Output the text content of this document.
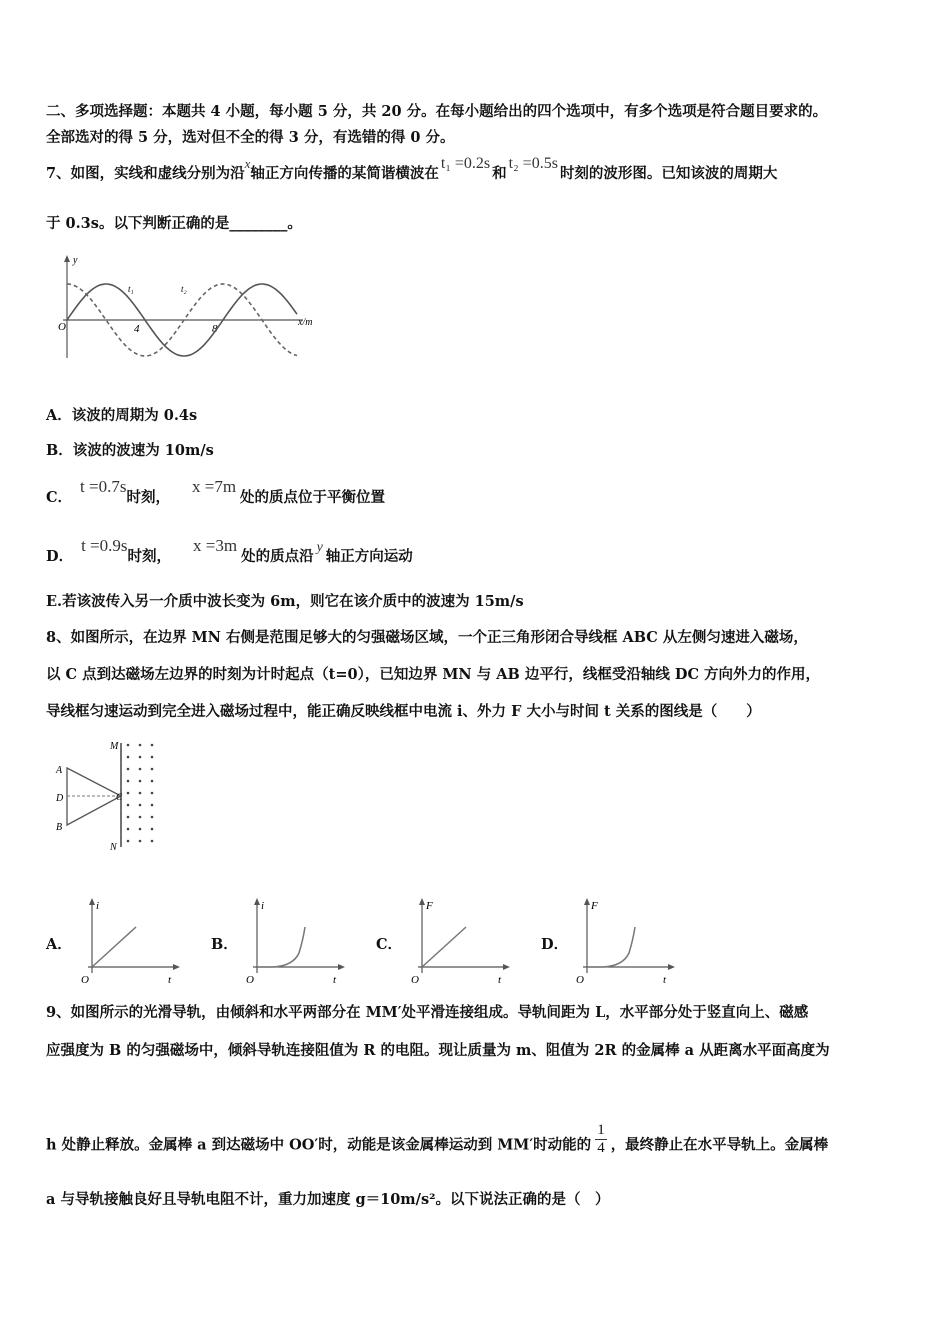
二、多项选择题：本题共 4 小题，每小题 5 分，共 20 分。在每小题给出的四个选项中，有多个选项是符合题目要求的。
全部选对的得 5 分，选对但不全的得 3 分，有选错的得 0 分。
7、如图，实线和虚线分别为沿x轴正方向传播的某简谐横波在t₁ =0.2s和t₂ =0.5s时刻的波形图。已知该波的周期大
于 0.3s。以下判断正确的是________。
y
x/m
O	4	8
t₁	t₂
A．该波的周期为 0.4s
B．该波的波速为 10m/s
C．t =0.7s时刻，x =7m处的质点位于平衡位置
D．t =0.9s时刻，x =3m处的质点沿y轴正方向运动
E.若该波传入另一介质中波长变为 6m，则它在该介质中的波速为 15m/s
8、如图所示，在边界 MN 右侧是范围足够大的匀强磁场区域，一个正三角形闭合导线框 ABC 从左侧匀速进入磁场，
以 C 点到达磁场左边界的时刻为计时起点（t=0），已知边界 MN 与 AB 边平行，线框受沿轴线 DC 方向外力的作用，
导线框匀速运动到完全进入磁场过程中，能正确反映线框中电流 i、外力 F 大小与时间 t 关系的图线是（　　）
A
D
B
C
M
N
A．
i
t
O
B．
i
t
O
C．
F
t
O
D．
F
t
O
9、如图所示的光滑导轨，由倾斜和水平两部分在 MM′处平滑连接组成。导轨间距为 L，水平部分处于竖直向上、磁感
应强度为 B 的匀强磁场中，倾斜导轨连接阻值为 R 的电阻。现让质量为 m、阻值为 2R 的金属棒 a 从距离水平面高度为
h 处静止释放。金属棒 a 到达磁场中 OO′时，动能是该金属棒运动到 MM′时动能的 $\frac{1}{4}$ ，最终静止在水平导轨上。金属棒
a 与导轨接触良好且导轨电阻不计，重力加速度 g＝10m/s²。以下说法正确的是（　）
